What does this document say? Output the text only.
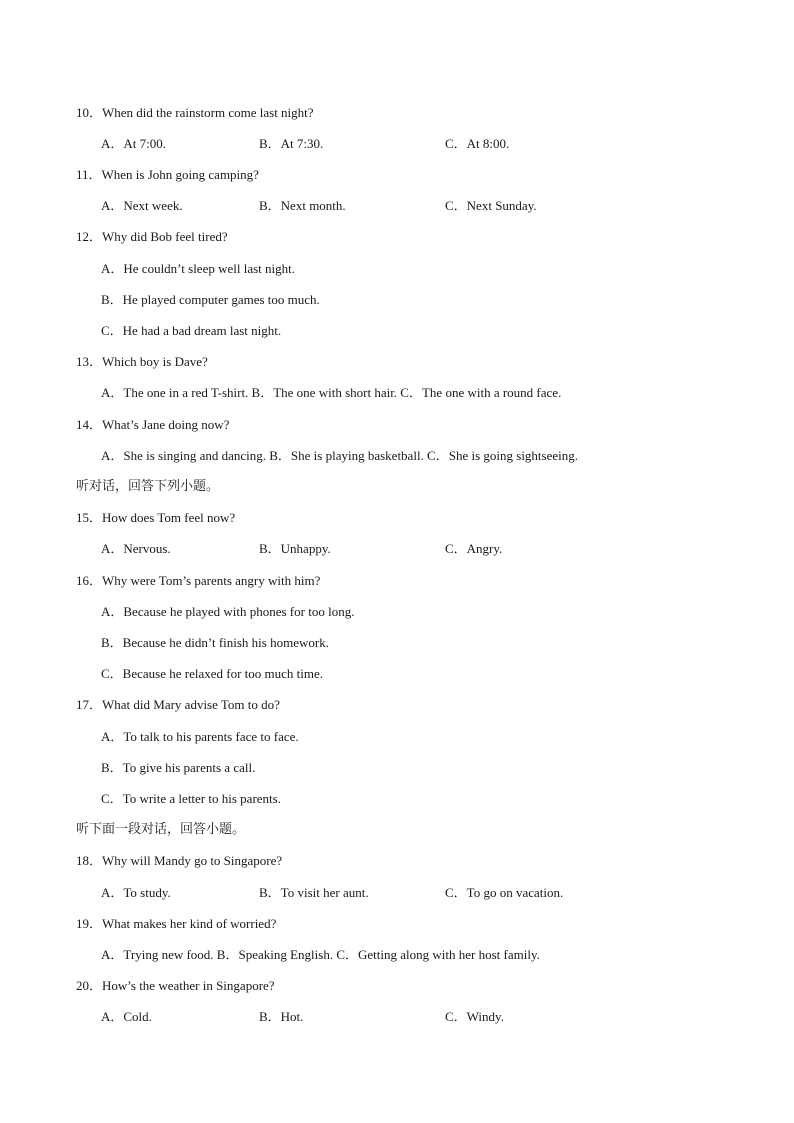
10．When did the rainstorm come last night?
A．At 7:00.	B．At 7:30.	C．At 8:00.
11．When is John going camping?
A．Next week.	B．Next month.	C．Next Sunday.
12．Why did Bob feel tired?
A．He couldn’t sleep well last night.
B．He played computer games too much.
C．He had a bad dream last night.
13．Which boy is Dave?
A．The one in a red T-shirt. B．The one with short hair. C．The one with a round face.
14．What’s Jane doing now?
A．She is singing and dancing. B．She is playing basketball. C．She is going sightseeing.
听对话，回答下列小题。
15．How does Tom feel now?
A．Nervous.	B．Unhappy.	C．Angry.
16．Why were Tom’s parents angry with him?
A．Because he played with phones for too long.
B．Because he didn’t finish his homework.
C．Because he relaxed for too much time.
17．What did Mary advise Tom to do?
A．To talk to his parents face to face.
B．To give his parents a call.
C．To write a letter to his parents.
听下面一段对话，回答小题。
18．Why will Mandy go to Singapore?
A．To study.	B．To visit her aunt.	C．To go on vacation.
19．What makes her kind of worried?
A．Trying new food. B．Speaking English. C．Getting along with her host family.
20．How’s the weather in Singapore?
A．Cold.	B．Hot.	C．Windy.
